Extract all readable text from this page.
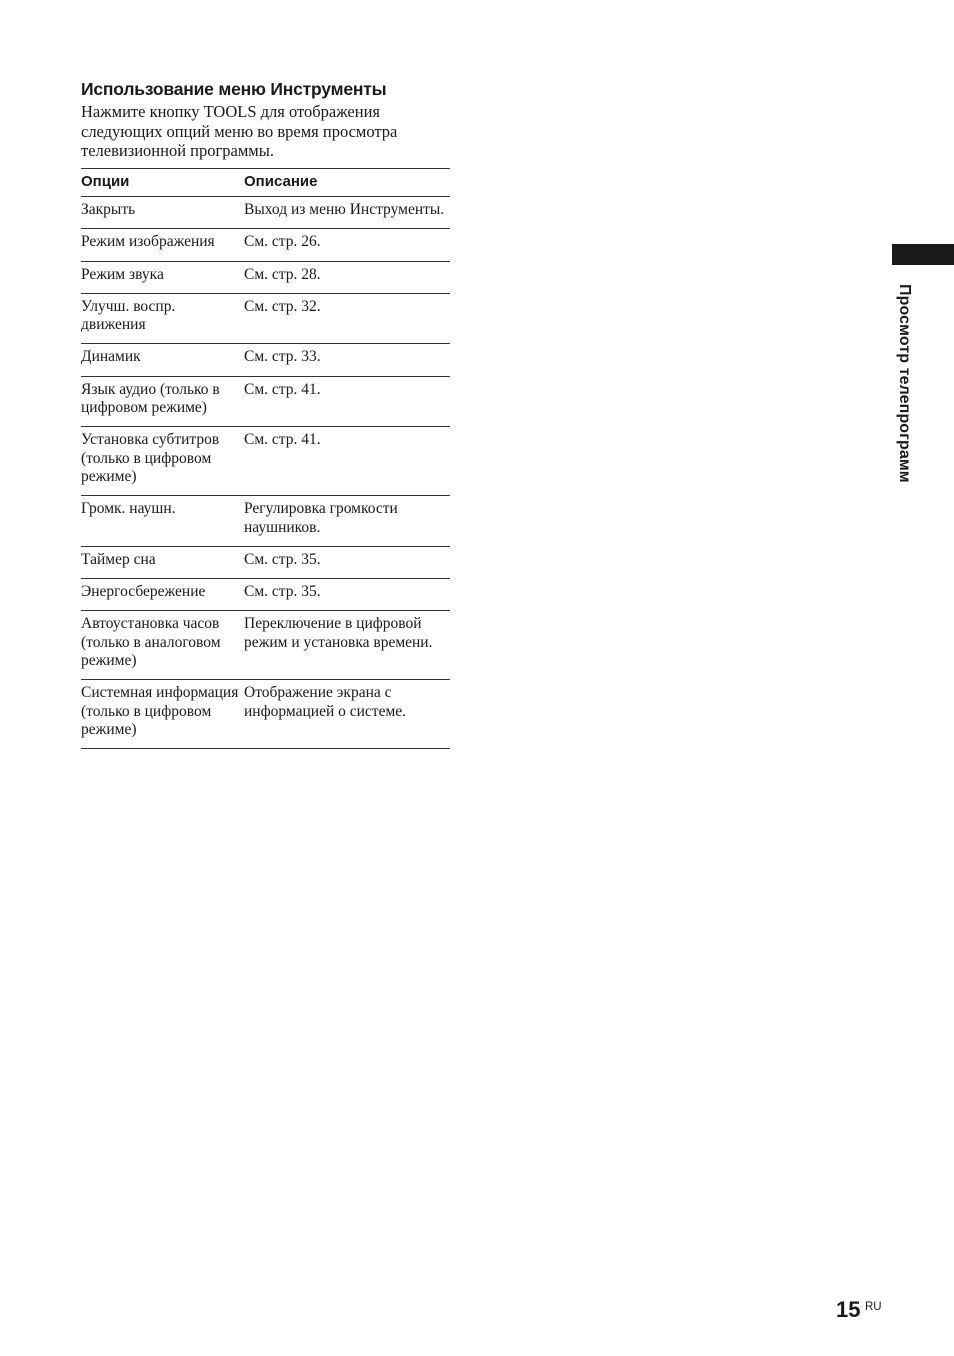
Использование меню Инструменты

Нажмите кнопку TOOLS для отображения следующих опций меню во время просмотра телевизионной программы.

Опции	Описание
Закрыть	Выход из меню Инструменты.
Режим изображения	См. стр. 26.
Режим звука	См. стр. 28.
Улучш. воспр. движения	См. стр. 32.
Динамик	См. стр. 33.
Язык аудио (только в цифровом режиме)	См. стр. 41.
Установка субтитров (только в цифровом режиме)	См. стр. 41.
Громк. наушн.	Регулировка громкости наушников.
Таймер сна	См. стр. 35.
Энергосбережение	См. стр. 35.
Автоустановка часов (только в аналоговом режиме)	Переключение в цифровой режим и установка времени.
Системная информация (только в цифровом режиме)	Отображение экрана с информацией о системе.
Просмотр телепрограмм
15 RU
